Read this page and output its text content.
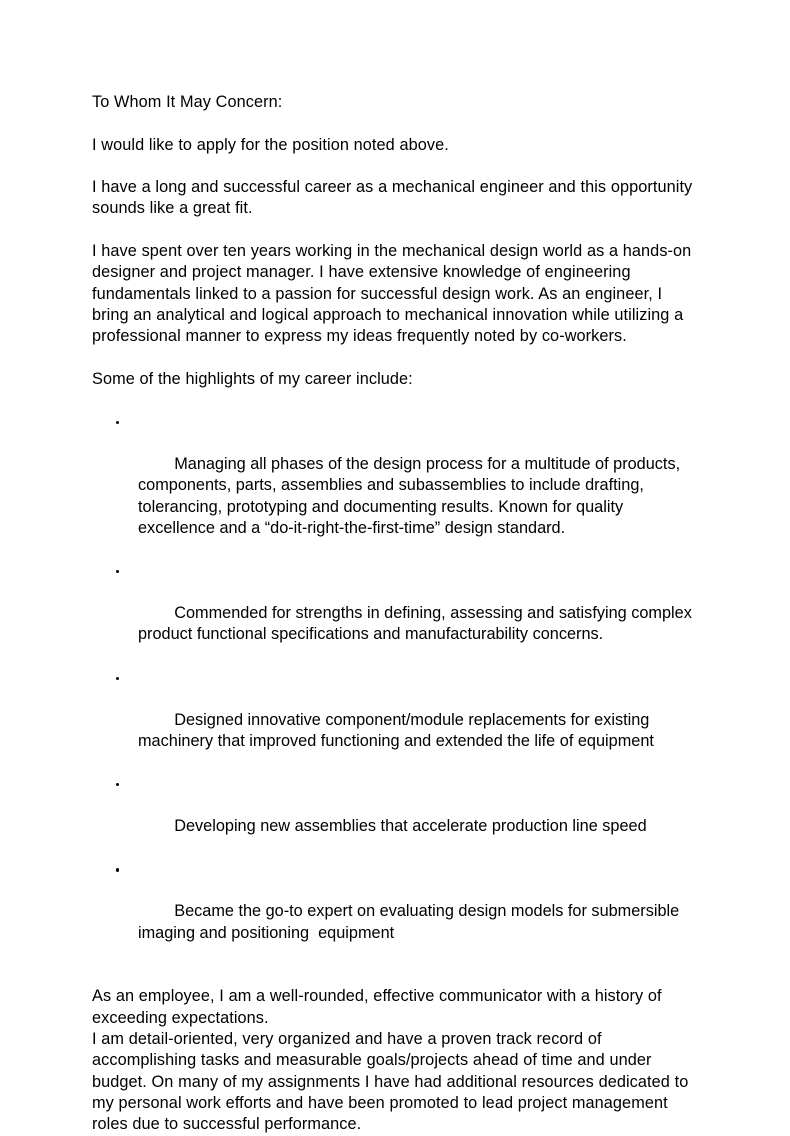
To Whom It May Concern:

I would like to apply for the position noted above.

I have a long and successful career as a mechanical engineer and this opportunity sounds like a great fit.

I have spent over ten years working in the mechanical design world as a hands-on designer and project manager. I have extensive knowledge of engineering fundamentals linked to a passion for successful design work. As an engineer, I bring an analytical and logical approach to mechanical innovation while utilizing a professional manner to express my ideas frequently noted by co-workers.

Some of the highlights of my career include:

Managing all phases of the design process for a multitude of products, components, parts, assemblies and subassemblies to include drafting, tolerancing, prototyping and documenting results. Known for quality excellence and a “do-it-right-the-first-time” design standard.

Commended for strengths in defining, assessing and satisfying complex product functional specifications and manufacturability concerns.

Designed innovative component/module replacements for existing machinery that improved functioning and extended the life of equipment

Developing new assemblies that accelerate production line speed

Became the go-to expert on evaluating design models for submersible imaging and positioning  equipment

As an employee, I am a well-rounded, effective communicator with a history of exceeding expectations.

I am detail-oriented, very organized and have a proven track record of accomplishing tasks and measurable goals/projects ahead of time and under budget. On many of my assignments I have had additional resources dedicated to my personal work efforts and have been promoted to lead project management roles due to successful performance.
